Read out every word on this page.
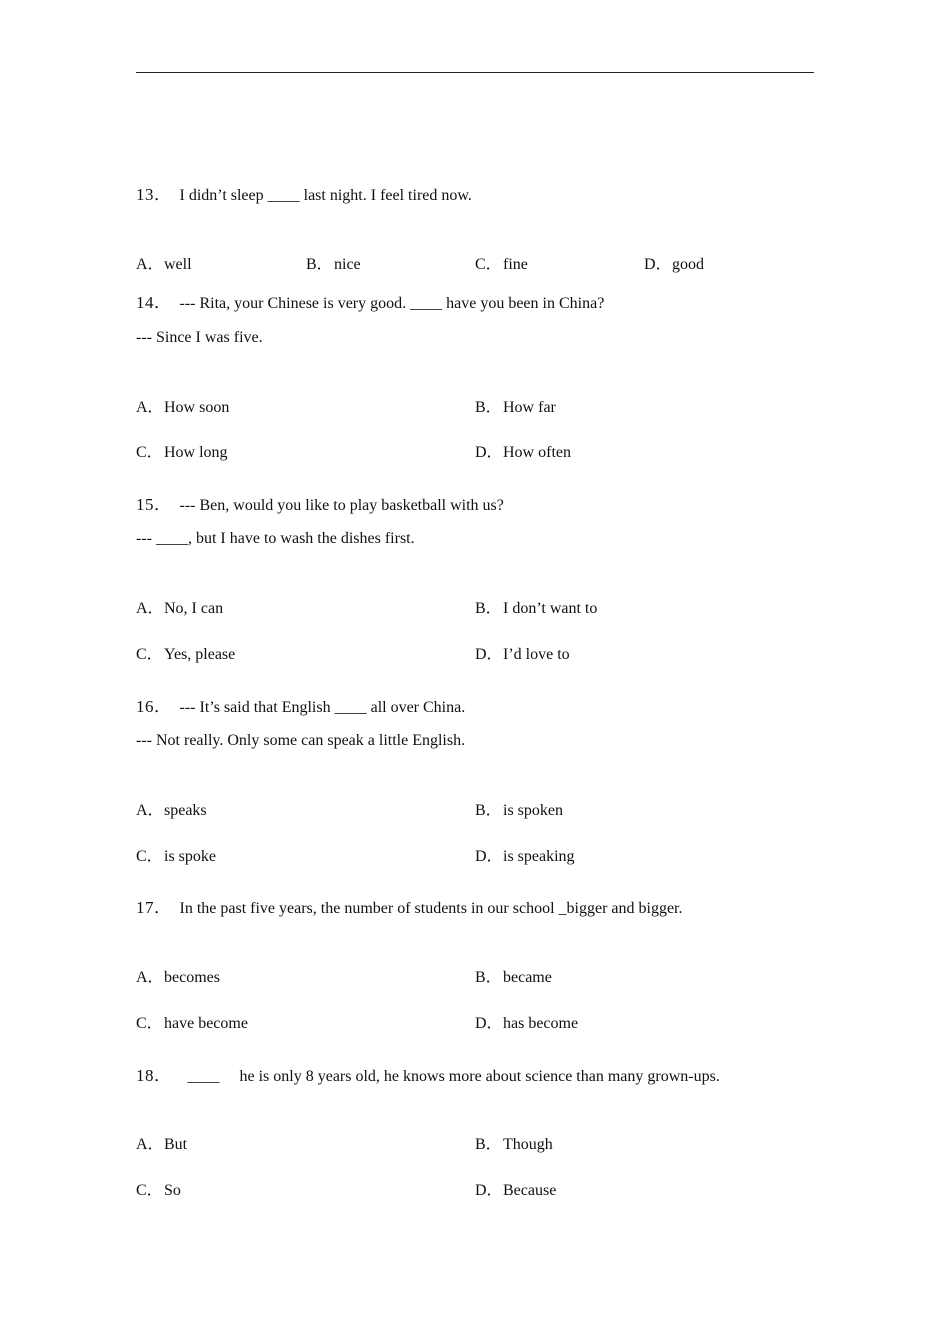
13． I didn’t sleep ____ last night. I feel tired now.
A．well	B．nice	C．fine	D．good
14． --- Rita, your Chinese is very good. ____ have you been in China?
--- Since I was five.
A．How soon	B．How far
C．How long	D．How often
15． --- Ben, would you like to play basketball with us?
--- ____, but I have to wash the dishes first.
A．No, I can	B．I don’t want to
C．Yes, please	D．I’d love to
16． --- It’s said that English ____ all over China.
--- Not really. Only some can speak a little English.
A．speaks	B．is spoken
C．is spoke	D．is speaking
17． In the past five years, the number of students in our school _bigger and bigger.
A．becomes	B．became
C．have become	D．has become
18． ____ he is only 8 years old, he knows more about science than many grown-ups.
A．But	B．Though
C．So	D．Because
